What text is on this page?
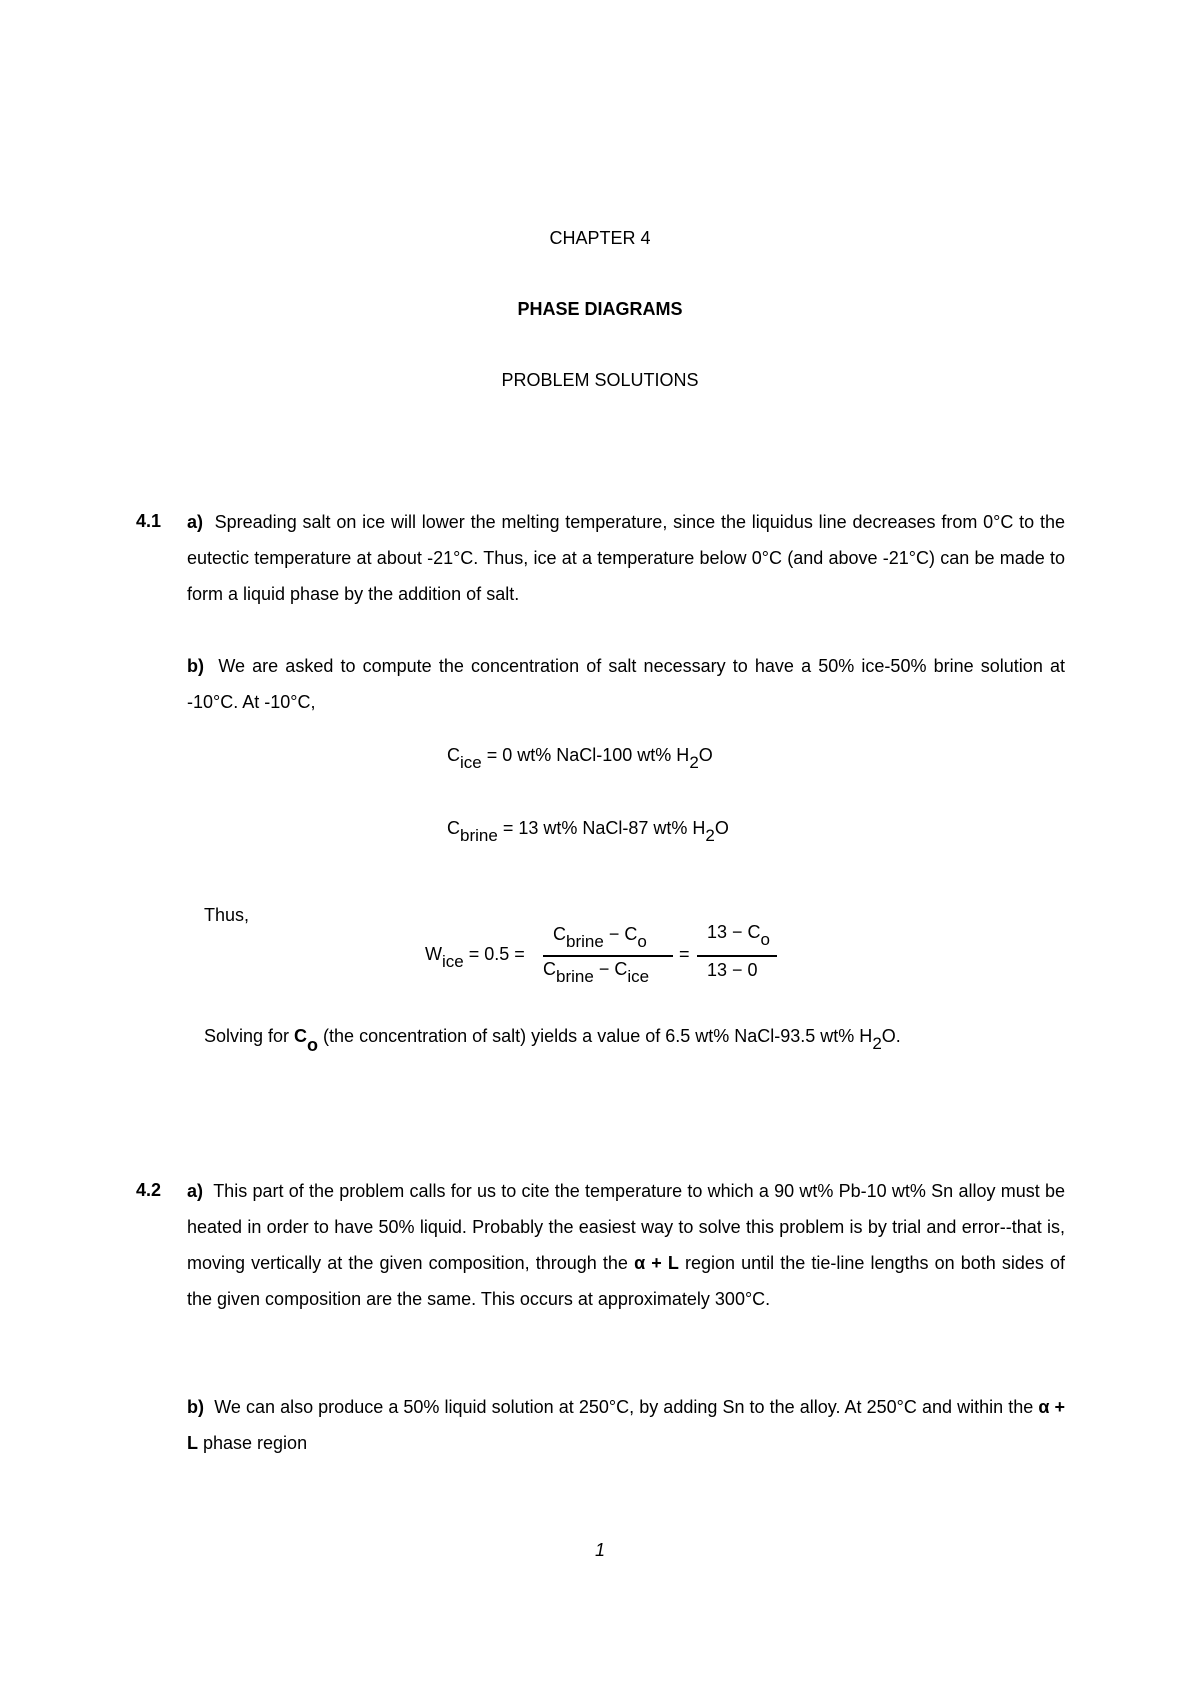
CHAPTER 4
PHASE DIAGRAMS
PROBLEM SOLUTIONS
4.1 a) Spreading salt on ice will lower the melting temperature, since the liquidus line decreases from 0°C to the eutectic temperature at about -21°C. Thus, ice at a temperature below 0°C (and above -21°C) can be made to form a liquid phase by the addition of salt.
b) We are asked to compute the concentration of salt necessary to have a 50% ice-50% brine solution at -10°C. At -10°C,
Cice = 0 wt% NaCl-100 wt% H2O
Cbrine = 13 wt% NaCl-87 wt% H2O
Thus,
Wice = 0.5 =
Cbrine − Co
Cbrine − Cice
=
13 − Co
13 − 0
Solving for Co (the concentration of salt) yields a value of 6.5 wt% NaCl-93.5 wt% H2O.
4.2 a) This part of the problem calls for us to cite the temperature to which a 90 wt% Pb-10 wt% Sn alloy must be heated in order to have 50% liquid. Probably the easiest way to solve this problem is by trial and error--that is, moving vertically at the given composition, through the α + L region until the tie-line lengths on both sides of the given composition are the same. This occurs at approximately 300°C.
b) We can also produce a 50% liquid solution at 250°C, by adding Sn to the alloy. At 250°C and within the α + L phase region
1
